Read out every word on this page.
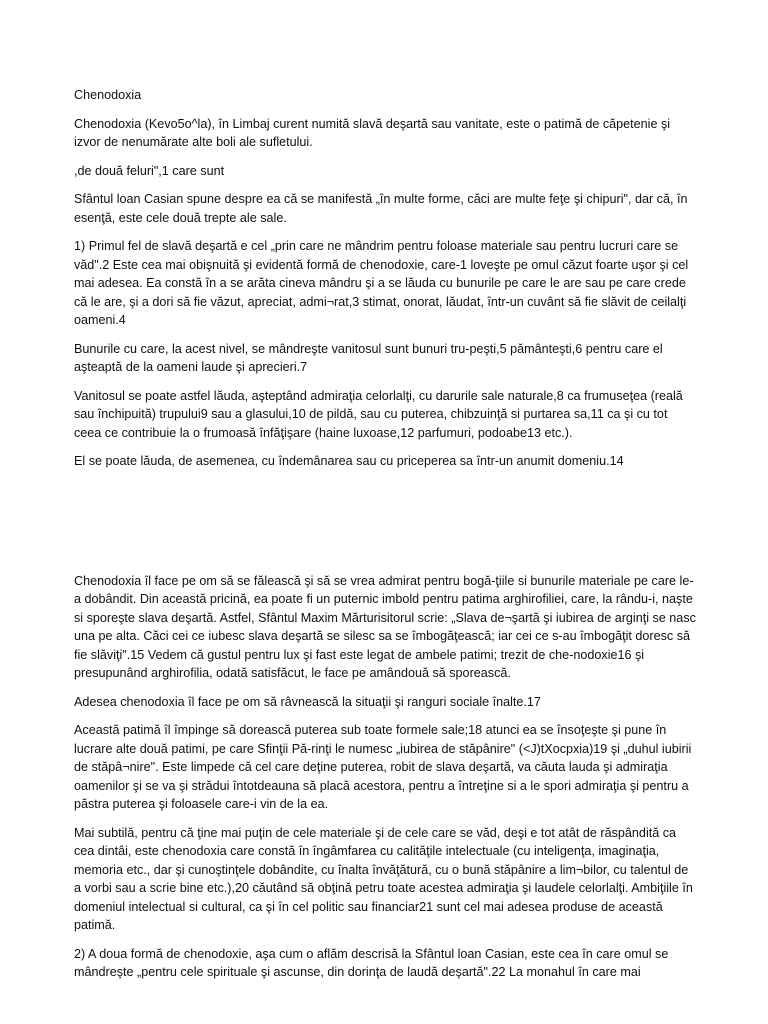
Chenodoxia

Chenodoxia (Kevo5o^la), în Limbaj curent numită slavă deşartă sau vanitate, este o patimă de căpetenie şi izvor de nenumărate alte boli ale sufletului.

,de două feluri",1 care sunt

Sfântul loan Casian spune despre ea că se manifestă „în multe forme, căci are multe feţe şi chipuri", dar că, în esenţă, este cele două trepte ale sale.

1) Primul fel de slavă deşartă e cel „prin care ne mândrim pentru foloase materiale sau pentru lucruri care se văd".2 Este cea mai obişnuită şi evidentă formă de chenodoxie, care-1 loveşte pe omul căzut foarte uşor şi cel mai adesea. Ea constă în a se arăta cineva mândru şi a se lăuda cu bunurile pe care le are sau pe care crede că le are, şi a dori să fie văzut, apreciat, admi¬rat,3 stimat, onorat, lăudat, într-un cuvânt să fie slăvit de ceilalţi oameni.4

Bunurile cu care, la acest nivel, se mândreşte vanitosul sunt bunuri tru-peşti,5 pământeşti,6 pentru care el aşteaptă de la oameni laude şi aprecieri.7

Vanitosul se poate astfel lăuda, aşteptând admiraţia celorlalţi, cu darurile sale naturale,8 ca frumuseţea (reală sau închipuită) trupului9 sau a glasului,10 de pildă, sau cu puterea, chibzuinţă si purtarea sa,11 ca şi cu tot ceea ce contribuie la o frumoasă înfăţişare (haine luxoase,12 parfumuri, podoabe13 etc.).

El se poate lăuda, de asemenea, cu îndemânarea sau cu priceperea sa într-un anumit domeniu.14

Chenodoxia îl face pe om să se fălească şi să se vrea admirat pentru bogă-ţiile si bunurile materiale pe care le-a dobândit. Din această pricină, ea poate fi un puternic imbold pentru patima arghirofiliei, care, la rându-i, naşte si sporeşte slava deşartă. Astfel, Sfântul Maxim Mărturisitorul scrie: „Slava de¬şartă şi iubirea de arginţi se nasc una pe alta. Căci cei ce iubesc slava deşartă se silesc sa se îmbogăţească; iar cei ce s-au îmbogăţit doresc să fie slăviţi".15 Vedem că gustul pentru lux şi fast este legat de ambele patimi; trezit de che-nodoxie16 şi presupunând arghirofilia, odată satisfăcut, le face pe amândouă să sporească.

Adesea chenodoxia îl face pe om să râvnească la situaţii şi ranguri sociale înalte.17

Această patimă îl împinge să dorească puterea sub toate formele sale;18 atunci ea se însoţeşte şi pune în lucrare alte două patimi, pe care Sfinţii Pă-rinţi le numesc „iubirea de stăpânire" (<J)tXocpxia)19 şi „duhul iubirii de stăpâ¬nire". Este limpede că cel care deţine puterea, robit de slava deşartă, va căuta lauda şi admiraţia oamenilor şi se va şi strădui întotdeauna să placă acestora, pentru a întreţine si a le spori admiraţia şi pentru a păstra puterea şi foloasele care-i vin de la ea.

Mai subtilă, pentru că ţine mai puţin de cele materiale şi de cele care se văd, deşi e tot atât de răspândită ca cea dintâi, este chenodoxia care constă în îngâmfarea cu calităţile intelectuale (cu inteligenţa, imaginaţia, memoria etc., dar şi cunoştinţele dobândite, cu înalta învăţătură, cu o bună stăpânire a lim¬bilor, cu talentul de a vorbi sau a scrie bine etc.),20 căutând să obţină petru toate acestea admiraţia şi laudele celorlalţi. Ambiţiile în domeniul intelectual si cultural, ca şi în cel politic sau financiar21 sunt cel mai adesea produse de această patimă.

2) A doua formă de chenodoxie, aşa cum o aflăm descrisă la Sfântul loan Casian, este cea în care omul se mândreşte „pentru cele spirituale şi ascunse, din dorinţa de laudă deşartă".22 La monahul în care mai
